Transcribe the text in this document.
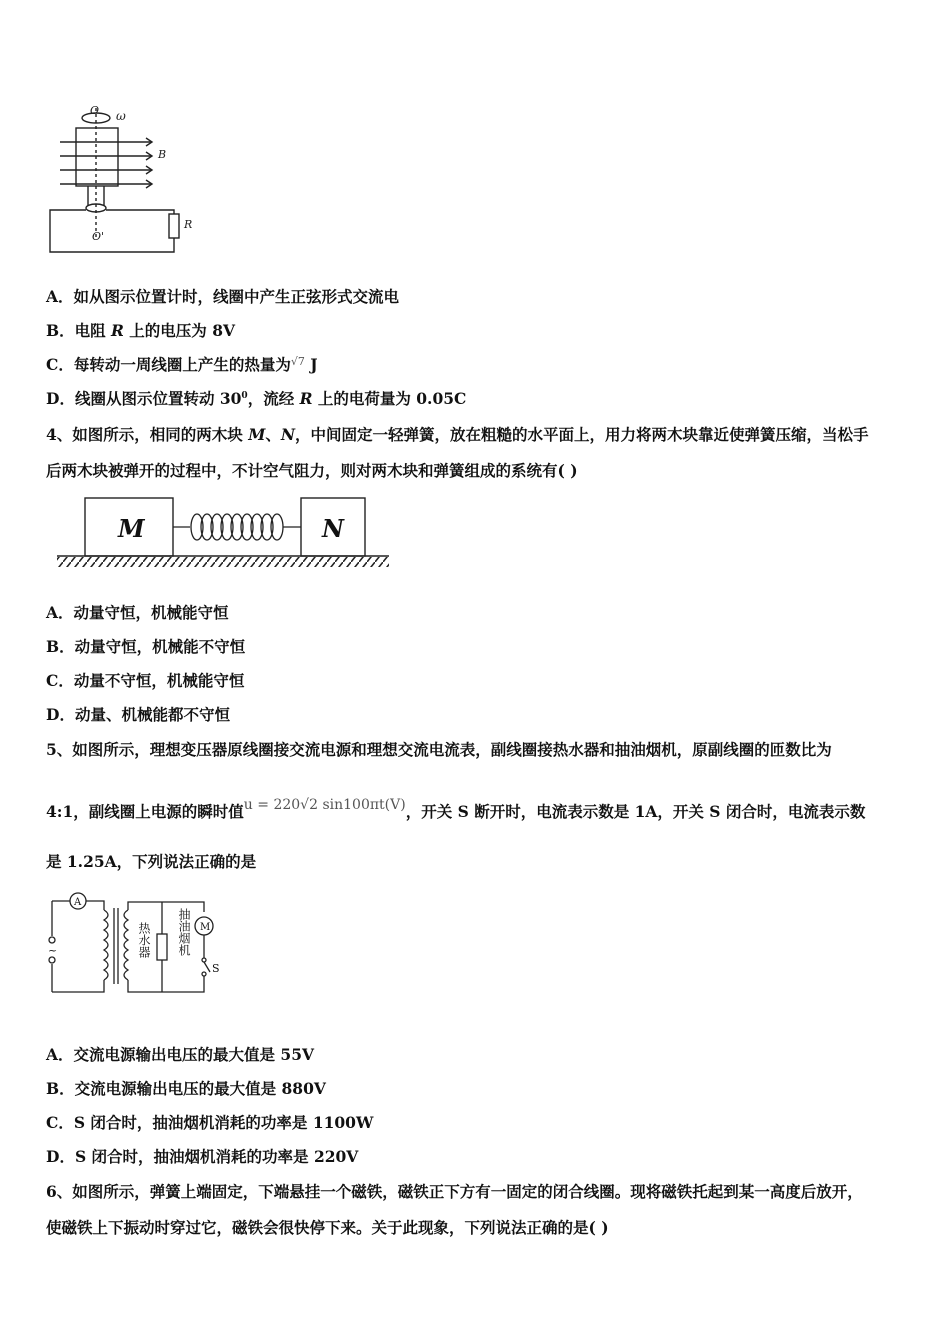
O ω
B
O'
R
A．如从图示位置计时，线圈中产生正弦形式交流电
B．电阻 R 上的电压为 8V
C．每转动一周线圈上产生的热量为$^{√7}$ J
D．线圈从图示位置转动 $30^0$，流经 R 上的电荷量为 0.05C
4、如图所示，相同的两木块 M、N，中间固定一轻弹簧，放在粗糙的水平面上，用力将两木块靠近使弹簧压缩，当松手
后两木块被弹开的过程中，不计空气阻力，则对两木块和弹簧组成的系统有( )
M	N
A．动量守恒，机械能守恒
B．动量守恒，机械能不守恒
C．动量不守恒，机械能守恒
D．动量、机械能都不守恒
5、如图所示，理想变压器原线圈接交流电源和理想交流电流表，副线圈接热水器和抽油烟机，原副线圈的匝数比为
4:1，副线圈上电源的瞬时值u = 220√2 sin100πt(V)，开关 S 断开时，电流表示数是 1A，开关 S 闭合时，电流表示数
是 1.25A，下列说法正确的是
A
~	热水器 抽油烟机 M
S
A．交流电源输出电压的最大值是 55V
B．交流电源输出电压的最大值是 880V
C．S 闭合时，抽油烟机消耗的功率是 1100W
D．S 闭合时，抽油烟机消耗的功率是 220V
6、如图所示，弹簧上端固定，下端悬挂一个磁铁，磁铁正下方有一固定的闭合线圈。现将磁铁托起到某一高度后放开，
使磁铁上下振动时穿过它，磁铁会很快停下来。关于此现象，下列说法正确的是( )
